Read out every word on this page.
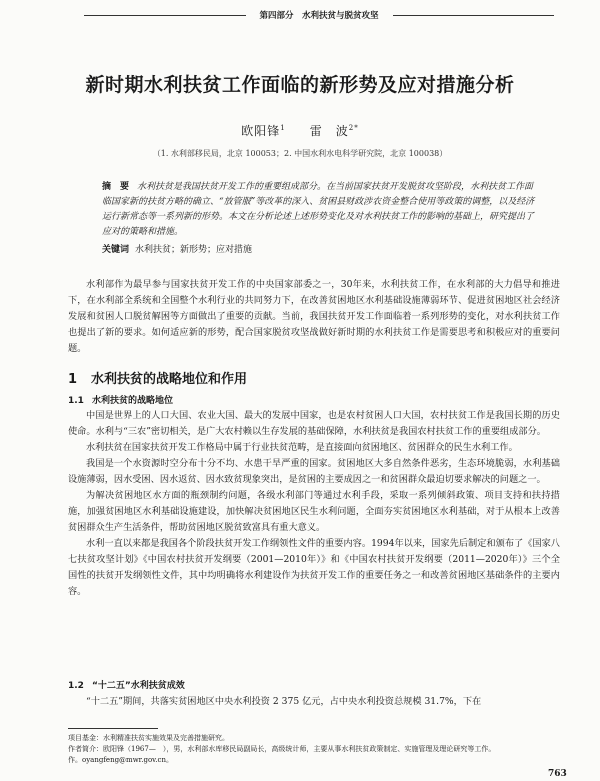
第四部分　水利扶贫与脱贫攻坚
新时期水利扶贫工作面临的新形势及应对措施分析
欧阳锋$^1$ 雷　波$^{2*}$
（1. 水利部移民局，北京 100053；2. 中国水利水电科学研究院，北京 100038）
摘　要 水利扶贫是我国扶贫开发工作的重要组成部分。在当前国家扶贫开发脱贫攻坚阶段，水利扶贫工作面临国家新的扶贫方略的确立、“放管服”等改革的深入、贫困县财政涉农资金整合使用等政策的调整，以及经济运行新常态等一系列新的形势。本文在分析论述上述形势变化及对水利扶贫工作的影响的基础上，研究提出了应对的策略和措施。
关键词 水利扶贫；新形势；应对措施

水利部作为最早参与国家扶贫开发工作的中央国家部委之一，30年来，水利扶贫工作，在水利部的大力倡导和推进下，在水利部全系统和全国整个水利行业的共同努力下，在改善贫困地区水利基础设施薄弱环节、促进贫困地区社会经济发展和贫困人口脱贫解困等方面做出了重要的贡献。当前，我国扶贫开发工作面临着一系列形势的变化，对水利扶贫工作也提出了新的要求。如何适应新的形势，配合国家脱贫攻坚战做好新时期的水利扶贫工作是需要思考和积极应对的重要问题。

1 水利扶贫的战略地位和作用
1.1 水利扶贫的战略地位

中国是世界上的人口大国、农业大国、最大的发展中国家，也是农村贫困人口大国，农村扶贫工作是我国长期的历史使命。水利与“三农”密切相关，是广大农村赖以生存发展的基础保障，水利扶贫是我国农村扶贫工作的重要组成部分。

水利扶贫在国家扶贫开发工作格局中属于行业扶贫范畴，是直接面向贫困地区、贫困群众的民生水利工作。

我国是一个水资源时空分布十分不均、水患干旱严重的国家。贫困地区大多自然条件恶劣，生态环境脆弱，水利基础设施薄弱，因水受困、因水返贫、因水致贫现象突出，是贫困的主要成因之一和贫困群众最迫切要求解决的问题之一。

为解决贫困地区水方面的瓶颈制约问题，各级水利部门等通过水利手段，采取一系列倾斜政策、项目支持和扶持措施，加强贫困地区水利基础设施建设，加快解决贫困地区民生水利问题，全面夯实贫困地区水利基础，对于从根本上改善贫困群众生产生活条件，帮助贫困地区脱贫致富具有重大意义。

水利一直以来都是我国各个阶段扶贫开发工作纲领性文件的重要内容。1994年以来，国家先后制定和颁布了《国家八七扶贫攻坚计划》《中国农村扶贫开发纲要（2001—2010年）》和《中国农村扶贫开发纲要（2011—2020年）》三个全国性的扶贫开发纲领性文件，其中均明确将水利建设作为扶贫开发工作的重要任务之一和改善贫困地区基础条件的主要内容。

1.2 “十二五”水利扶贫成效

“十二五”期间，共落实贫困地区中央水利投资 2 375 亿元，占中央水利投资总规模 31.7%，下在

项目基金：水利精准扶贫实施效果及完善措施研究。
作者简介：欧阳锋（1967—　），男，水利部水库移民局副局长，高级统计师，主要从事水利扶贫政策制定、实施管理及理论研究等工作。
作。oyangfeng@mwr.gov.cn。
763
